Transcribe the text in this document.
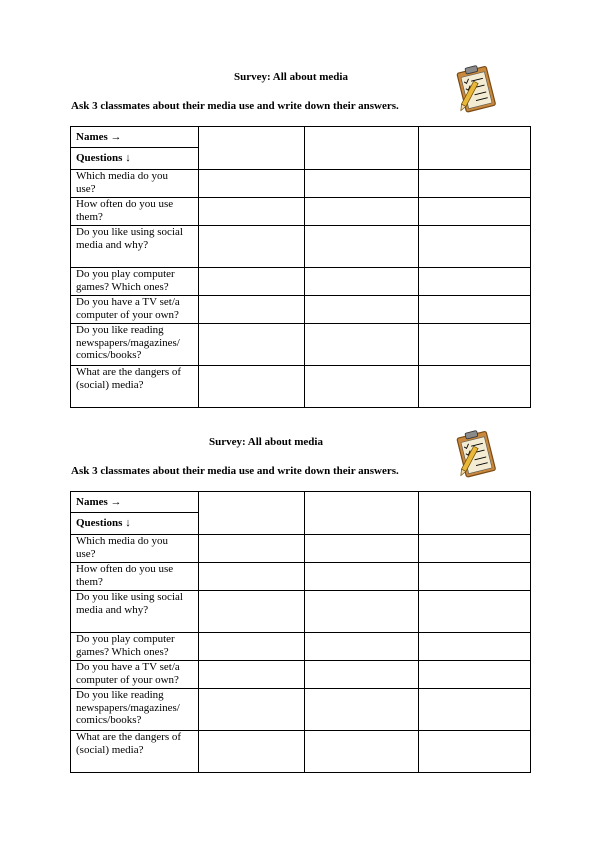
Survey: All about media
Ask 3 classmates about their media use and write down their answers.
Names →			
Questions ↓			
Which media do you
use?			
How often do you use
them?			
Do you like using social
media and why?			
Do you play computer
games? Which ones?			
Do you have a TV set/a
computer of your own?			
Do you like reading
newspapers/magazines/
comics/books?			
What are the dangers of
(social) media?			
Survey: All about media
Ask 3 classmates about their media use and write down their answers.
Names →			
Questions ↓			
Which media do you
use?			
How often do you use
them?			
Do you like using social
media and why?			
Do you play computer
games? Which ones?			
Do you have a TV set/a
computer of your own?			
Do you like reading
newspapers/magazines/
comics/books?			
What are the dangers of
(social) media?			
